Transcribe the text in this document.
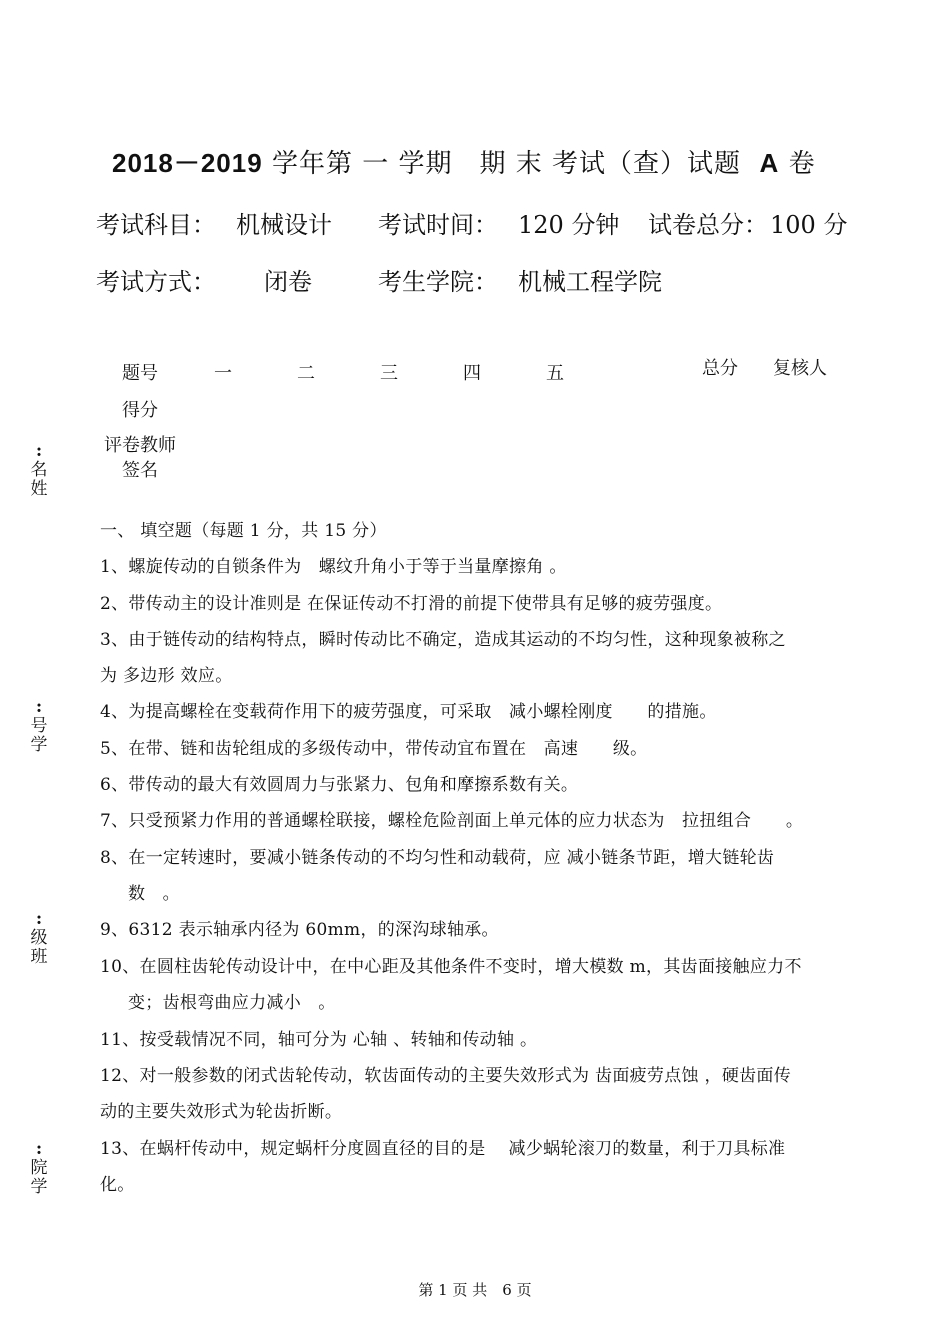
2018－2019 学年第 一 学期　期 末 考试（查）试题 A 卷
考试科目： 机械设计 考试时间： 120 分钟 试卷总分：100 分
考试方式： 闭卷	考生学院： 机械工程学院
题号	一	二	三	四	五	总分 复核人
得分
评卷教师
签名
:
名
姓
:
号
学
:
级
班
:
院
学
一、 填空题（每题 1 分，共 15 分）
1、螺旋传动的自锁条件为　螺纹升角小于等于当量摩擦角 。
2、带传动主的设计准则是 在保证传动不打滑的前提下使带具有足够的疲劳强度。
3、由于链传动的结构特点，瞬时传动比不确定，造成其运动的不均匀性，这种现象被称之
为 多边形 效应。
4、为提高螺栓在变载荷作用下的疲劳强度，可采取　减小螺栓刚度　　的措施。
5、在带、链和齿轮组成的多级传动中，带传动宜布置在　高速　　级。
6、带传动的最大有效圆周力与张紧力、包角和摩擦系数有关。
7、只受预紧力作用的普通螺栓联接，螺栓危险剖面上单元体的应力状态为　拉扭组合　　。
8、在一定转速时，要减小链条传动的不均匀性和动载荷，应 减小链条节距，增大链轮齿
数　。
9、6312 表示轴承内径为 60mm，的深沟球轴承。
10、在圆柱齿轮传动设计中，在中心距及其他条件不变时，增大模数 m，其齿面接触应力不
变；齿根弯曲应力减小　。
11、按受载情况不同，轴可分为 心轴 、转轴和传动轴 。
12、对一般参数的闭式齿轮传动，软齿面传动的主要失效形式为 齿面疲劳点蚀 ，硬齿面传
动的主要失效形式为轮齿折断。
13、在蜗杆传动中，规定蜗杆分度圆直径的目的是　 减少蜗轮滚刀的数量，利于刀具标准
化。
第 1 页 共　6 页
